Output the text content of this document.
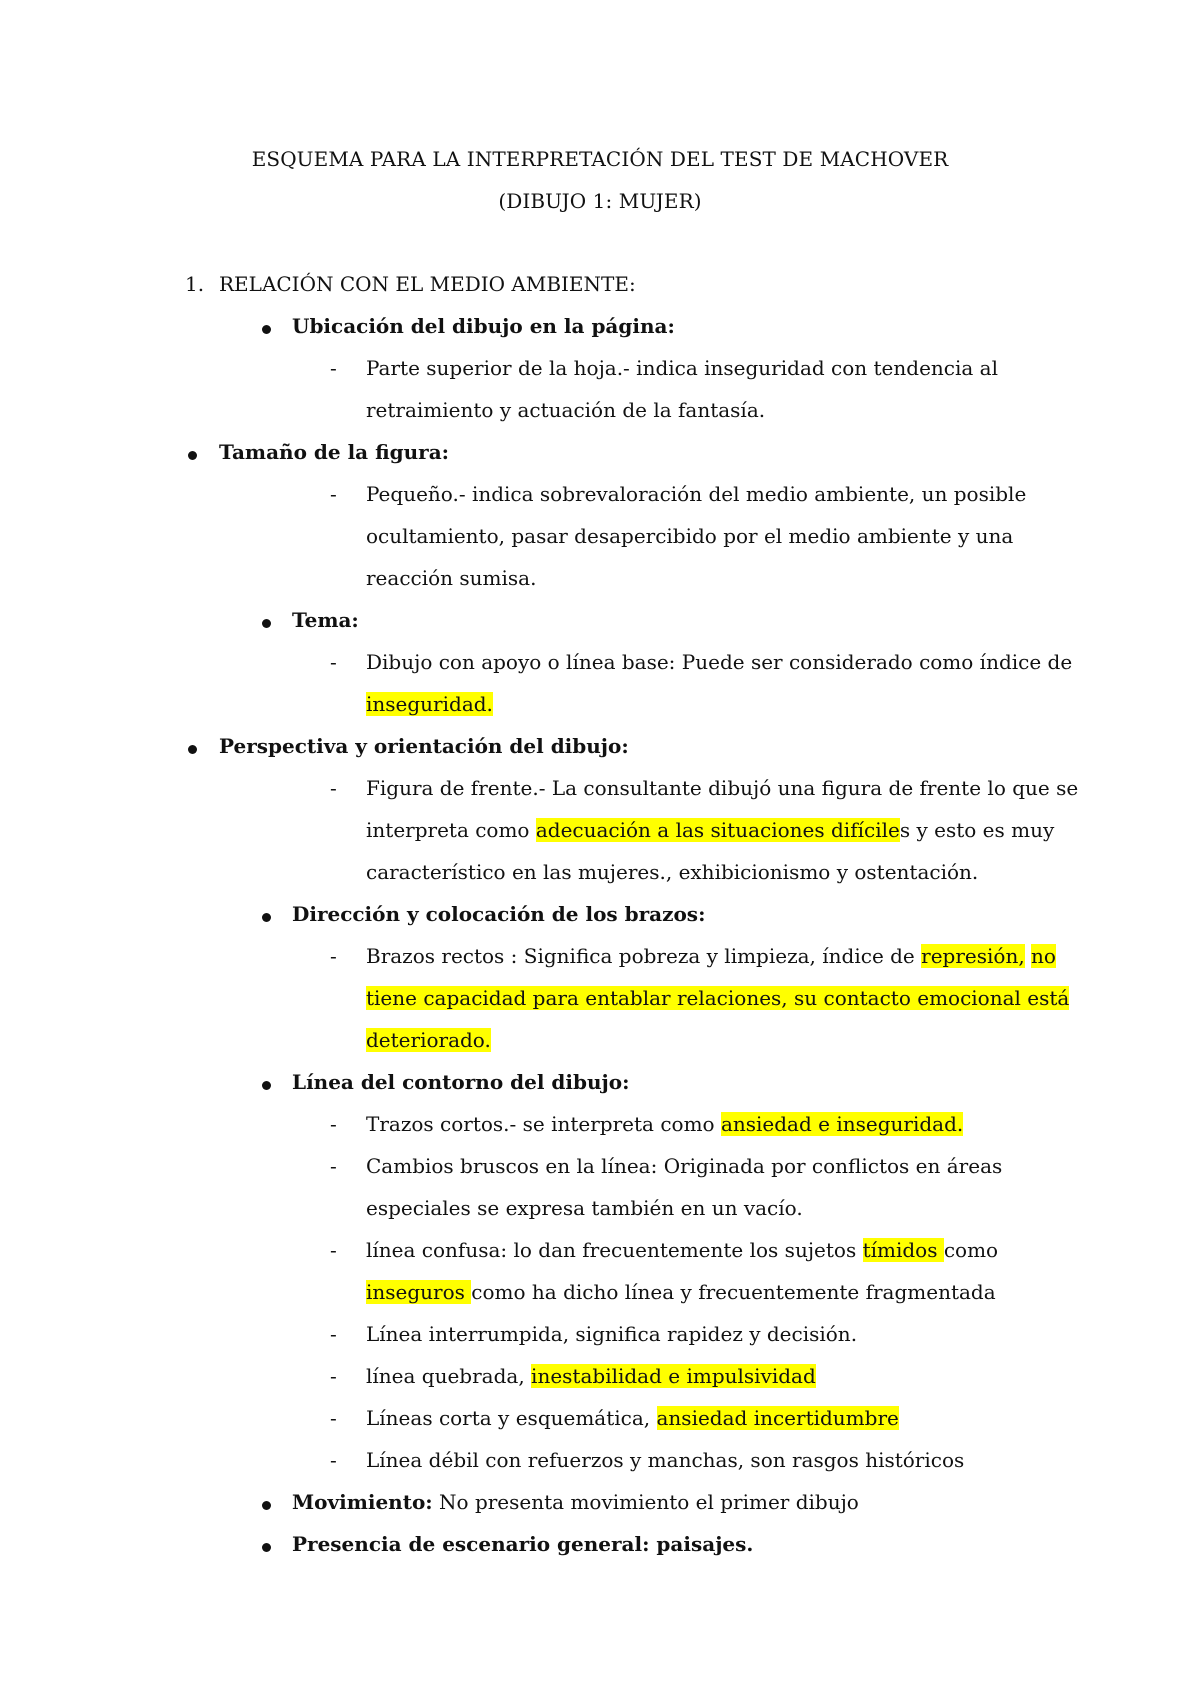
ESQUEMA PARA LA INTERPRETACIÓN DEL TEST DE MACHOVER
(DIBUJO 1: MUJER)
1. RELACIÓN CON EL MEDIO AMBIENTE:
Ubicación del dibujo en la página:
- Parte superior de la hoja.- indica inseguridad con tendencia al
retraimiento y actuación de la fantasía.
Tamaño de la figura:
- Pequeño.- indica sobrevaloración del medio ambiente, un posible
ocultamiento, pasar desapercibido por el medio ambiente y una
reacción sumisa.
Tema:
- Dibujo con apoyo o línea base: Puede ser considerado como índice de
inseguridad.
Perspectiva y orientación del dibujo:
- Figura de frente.- La consultante dibujó una figura de frente lo que se
interpreta como adecuación a las situaciones difíciles y esto es muy
característico en las mujeres., exhibicionismo y ostentación.
Dirección y colocación de los brazos:
- Brazos rectos : Significa pobreza y limpieza, índice de represión, no
tiene capacidad para entablar relaciones, su contacto emocional está
deteriorado.
Línea del contorno del dibujo:
- Trazos cortos.- se interpreta como ansiedad e inseguridad.
- Cambios bruscos en la línea: Originada por conflictos en áreas
especiales se expresa también en un vacío.
- línea confusa: lo dan frecuentemente los sujetos tímidos como
inseguros como ha dicho línea y frecuentemente fragmentada
- Línea interrumpida, significa rapidez y decisión.
- línea quebrada, inestabilidad e impulsividad
- Líneas corta y esquemática, ansiedad incertidumbre
- Línea débil con refuerzos y manchas, son rasgos históricos
Movimiento: No presenta movimiento el primer dibujo
Presencia de escenario general: paisajes.
